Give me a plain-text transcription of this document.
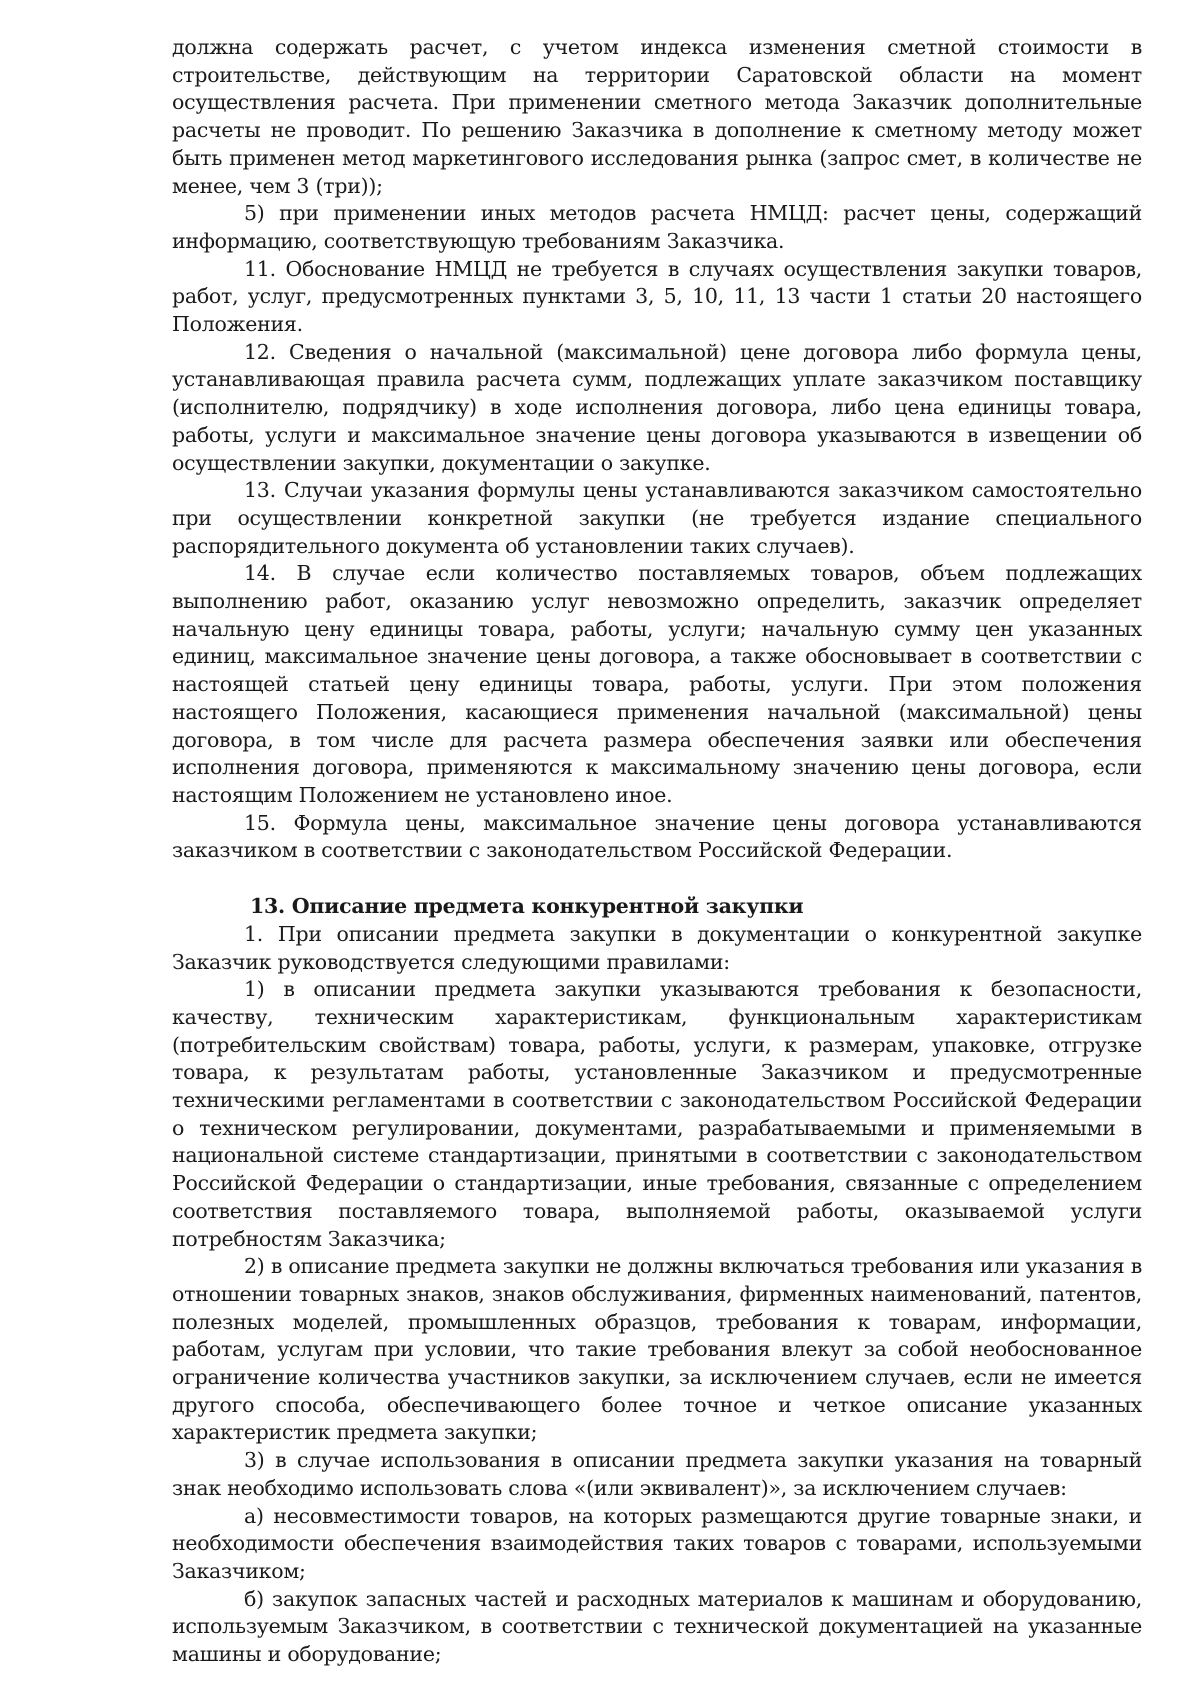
должна содержать расчет, с учетом индекса изменения сметной стоимости в строительстве, действующим на территории Саратовской области на момент осуществления расчета. При применении сметного метода Заказчик дополнительные расчеты не проводит. По решению Заказчика в дополнение к сметному методу может быть применен метод маркетингового исследования рынка (запрос смет, в количестве не менее, чем 3 (три));

5) при применении иных методов расчета НМЦД: расчет цены, содержащий информацию, соответствующую требованиям Заказчика.

11. Обоснование НМЦД не требуется в случаях осуществления закупки товаров, работ, услуг, предусмотренных пунктами 3, 5, 10, 11, 13 части 1 статьи 20 настоящего Положения.

12. Сведения о начальной (максимальной) цене договора либо формула цены, устанавливающая правила расчета сумм, подлежащих уплате заказчиком поставщику (исполнителю, подрядчику) в ходе исполнения договора, либо цена единицы товара, работы, услуги и максимальное значение цены договора указываются в извещении об осуществлении закупки, документации о закупке.

13. Случаи указания формулы цены устанавливаются заказчиком самостоятельно при осуществлении конкретной закупки (не требуется издание специального распорядительного документа об установлении таких случаев).

14. В случае если количество поставляемых товаров, объем подлежащих выполнению работ, оказанию услуг невозможно определить, заказчик определяет начальную цену единицы товара, работы, услуги; начальную сумму цен указанных единиц, максимальное значение цены договора, а также обосновывает в соответствии с настоящей статьей цену единицы товара, работы, услуги. При этом положения настоящего Положения, касающиеся применения начальной (максимальной) цены договора, в том числе для расчета размера обеспечения заявки или обеспечения исполнения договора, применяются к максимальному значению цены договора, если настоящим Положением не установлено иное.

15. Формула цены, максимальное значение цены договора устанавливаются заказчиком в соответствии с законодательством Российской Федерации.

13. Описание предмета конкурентной закупки

1. При описании предмета закупки в документации о конкурентной закупке Заказчик руководствуется следующими правилами:

1) в описании предмета закупки указываются требования к безопасности, качеству, техническим характеристикам, функциональным характеристикам (потребительским свойствам) товара, работы, услуги, к размерам, упаковке, отгрузке товара, к результатам работы, установленные Заказчиком и предусмотренные техническими регламентами в соответствии с законодательством Российской Федерации о техническом регулировании, документами, разрабатываемыми и применяемыми в национальной системе стандартизации, принятыми в соответствии с законодательством Российской Федерации о стандартизации, иные требования, связанные с определением соответствия поставляемого товара, выполняемой работы, оказываемой услуги потребностям Заказчика;

2) в описание предмета закупки не должны включаться требования или указания в отношении товарных знаков, знаков обслуживания, фирменных наименований, патентов, полезных моделей, промышленных образцов, требования к товарам, информации, работам, услугам при условии, что такие требования влекут за собой необоснованное ограничение количества участников закупки, за исключением случаев, если не имеется другого способа, обеспечивающего более точное и четкое описание указанных характеристик предмета закупки;

3) в случае использования в описании предмета закупки указания на товарный знак необходимо использовать слова «(или эквивалент)», за исключением случаев:

а) несовместимости товаров, на которых размещаются другие товарные знаки, и необходимости обеспечения взаимодействия таких товаров с товарами, используемыми Заказчиком;

б) закупок запасных частей и расходных материалов к машинам и оборудованию, используемым Заказчиком, в соответствии с технической документацией на указанные машины и оборудование;
